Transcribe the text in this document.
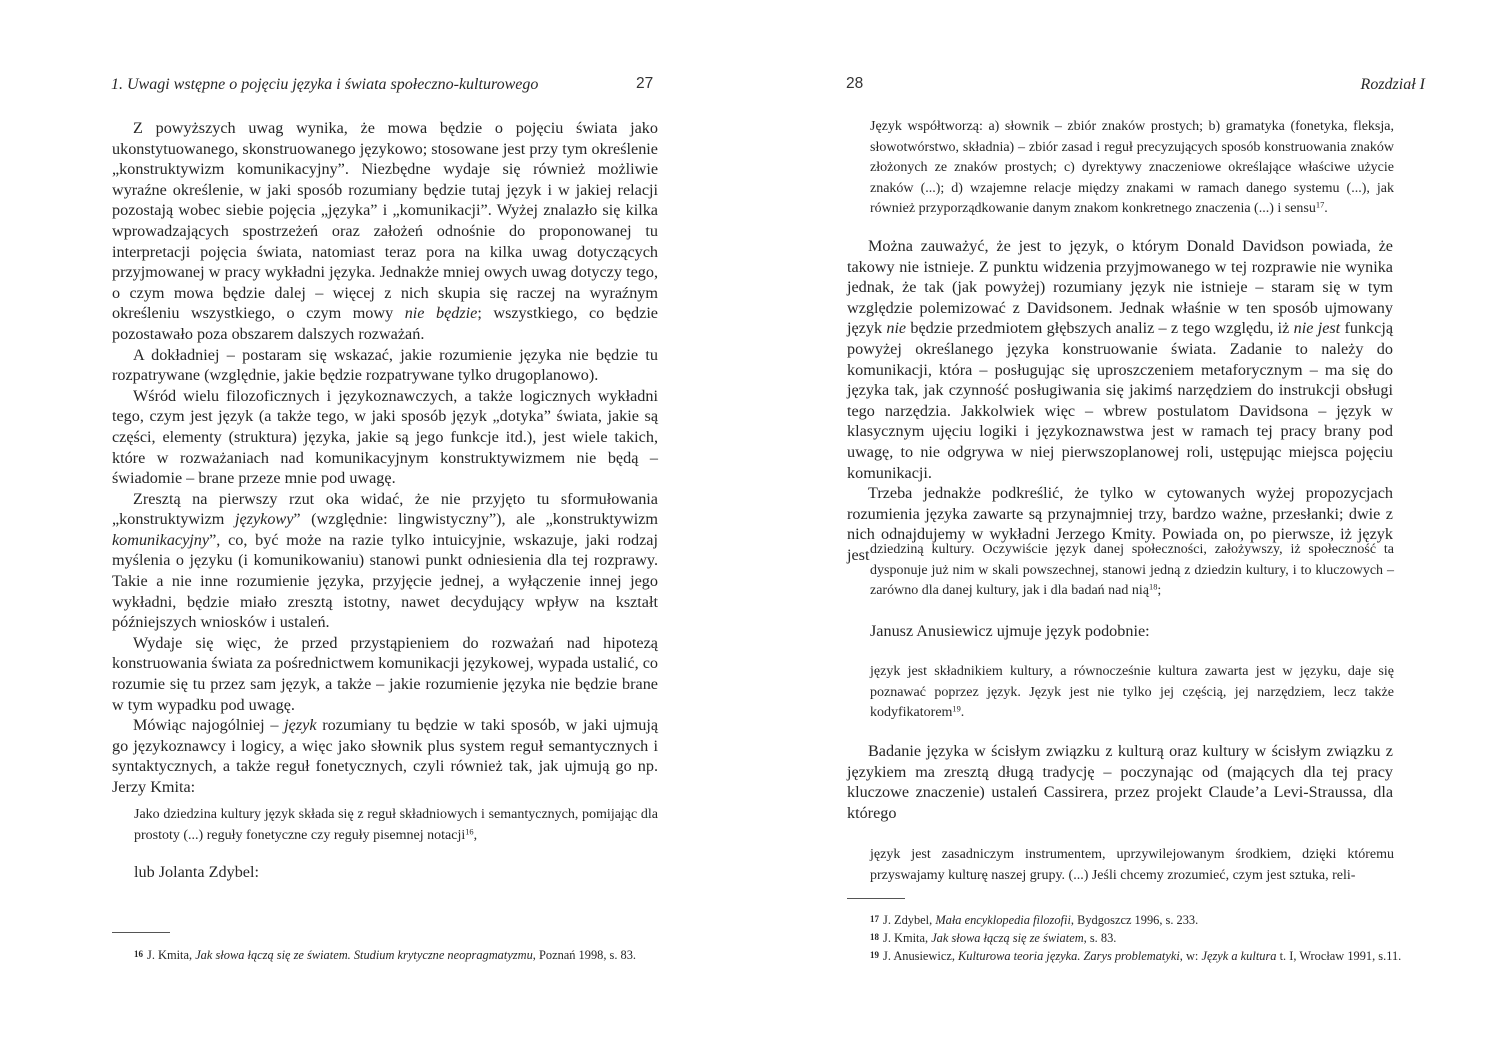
1. Uwagi wstępne o pojęciu języka i świata społeczno-kulturowego	27

Z powyższych uwag wynika, że mowa będzie o pojęciu świata jako ukonstytuowanego, skonstruowanego językowo; stosowane jest przy tym określenie „konstruktywizm komunikacyjny”. Niezbędne wydaje się również możliwie wyraźne określenie, w jaki sposób rozumiany będzie tutaj język i w jakiej relacji pozostają wobec siebie pojęcia „języka” i „komunikacji”. Wyżej znalazło się kilka wprowadzających spostrzeżeń oraz założeń odnośnie do proponowanej tu interpretacji pojęcia świata, natomiast teraz pora na kilka uwag dotyczących przyjmowanej w pracy wykładni języka. Jednakże mniej owych uwag dotyczy tego, o czym mowa będzie dalej – więcej z nich skupia się raczej na wyraźnym określeniu wszystkiego, o czym mowy nie będzie; wszystkiego, co będzie pozostawało poza obszarem dalszych rozważań.

A dokładniej – postaram się wskazać, jakie rozumienie języka nie będzie tu rozpatrywane (względnie, jakie będzie rozpatrywane tylko drugoplanowo).

Wśród wielu filozoficznych i językoznawczych, a także logicznych wykładni tego, czym jest język (a także tego, w jaki sposób język „dotyka” świata, jakie są części, elementy (struktura) języka, jakie są jego funkcje itd.), jest wiele takich, które w rozważaniach nad komunikacyjnym konstruktywizmem nie będą – świadomie – brane przeze mnie pod uwagę.

Zresztą na pierwszy rzut oka widać, że nie przyjęto tu sformułowania „konstruktywizm językowy” (względnie: lingwistyczny”), ale „konstruktywizm komunikacyjny”, co, być może na razie tylko intuicyjnie, wskazuje, jaki rodzaj myślenia o języku (i komunikowaniu) stanowi punkt odniesienia dla tej rozprawy. Takie a nie inne rozumienie języka, przyjęcie jednej, a wyłączenie innej jego wykładni, będzie miało zresztą istotny, nawet decydujący wpływ na kształt późniejszych wniosków i ustaleń.

Wydaje się więc, że przed przystąpieniem do rozważań nad hipotezą konstruowania świata za pośrednictwem komunikacji językowej, wypada ustalić, co rozumie się tu przez sam język, a także – jakie rozumienie języka nie będzie brane w tym wypadku pod uwagę.

Mówiąc najogólniej – język rozumiany tu będzie w taki sposób, w jaki ujmują go językoznawcy i logicy, a więc jako słownik plus system reguł semantycznych i syntaktycznych, a także reguł fonetycznych, czyli również tak, jak ujmują go np. Jerzy Kmita:

Jako dziedzina kultury język składa się z reguł składniowych i semantycznych, pomijając dla prostoty (...) reguły fonetyczne czy reguły pisemnej notacji$^{16}$,
lub Jolanta Zdybel:
16 J. Kmita, Jak słowa łączą się ze światem. Studium krytyczne neopragmatyzmu, Poznań 1998, s. 83.
28	Rozdział I
Język współtworzą: a) słownik – zbiór znaków prostych; b) gramatyka (fonetyka, fleksja, słowotwórstwo, składnia) – zbiór zasad i reguł precyzujących sposób konstruowania znaków złożonych ze znaków prostych; c) dyrektywy znaczeniowe określające właściwe użycie znaków (...); d) wzajemne relacje między znakami w ramach danego systemu (...), jak również przyporządkowanie danym znakom konkretnego znaczenia (...) i sensu$^{17}$.

Można zauważyć, że jest to język, o którym Donald Davidson powiada, że takowy nie istnieje. Z punktu widzenia przyjmowanego w tej rozprawie nie wynika jednak, że tak (jak powyżej) rozumiany język nie istnieje – staram się w tym względzie polemizować z Davidsonem. Jednak właśnie w ten sposób ujmowany język nie będzie przedmiotem głębszych analiz – z tego względu, iż nie jest funkcją powyżej określanego języka konstruowanie świata. Zadanie to należy do komunikacji, która – posługując się uproszczeniem metaforycznym – ma się do języka tak, jak czynność posługiwania się jakimś narzędziem do instrukcji obsługi tego narzędzia. Jakkolwiek więc – wbrew postulatom Davidsona – język w klasycznym ujęciu logiki i językoznawstwa jest w ramach tej pracy brany pod uwagę, to nie odgrywa w niej pierwszoplanowej roli, ustępując miejsca pojęciu komunikacji.

Trzeba jednakże podkreślić, że tylko w cytowanych wyżej propozycjach rozumienia języka zawarte są przynajmniej trzy, bardzo ważne, przesłanki; dwie z nich odnajdujemy w wykładni Jerzego Kmity. Powiada on, po pierwsze, iż język jest dziedziną kultury. Oczywiście język danej społeczności, założywszy, iż społeczność ta dysponuje już nim w skali powszechnej, stanowi jedną z dziedzin kultury, i to kluczowych – zarówno dla danej kultury, jak i dla badań nad nią$^{18}$;
Janusz Anusiewicz ujmuje język podobnie:
język jest składnikiem kultury, a równocześnie kultura zawarta jest w języku, daje się poznawać poprzez język. Język jest nie tylko jej częścią, jej narzędziem, lecz także kodyfikatorem$^{19}$.

Badanie języka w ścisłym związku z kulturą oraz kultury w ścisłym związku z językiem ma zresztą długą tradycję – poczynając od (mających dla tej pracy kluczowe znaczenie) ustaleń Cassirera, przez projekt Claude’a Levi-Straussa, dla którego

język jest zasadniczym instrumentem, uprzywilejowanym środkiem, dzięki któremu przyswajamy kulturę naszej grupy. (...) Jeśli chcemy zrozumieć, czym jest sztuka, reli-
17 J. Zdybel, Mała encyklopedia filozofii, Bydgoszcz 1996, s. 233.
18 J. Kmita, Jak słowa łączą się ze światem, s. 83.
19 J. Anusiewicz, Kulturowa teoria języka. Zarys problematyki, w: Język a kultura t. I, Wrocław 1991, s.11.
